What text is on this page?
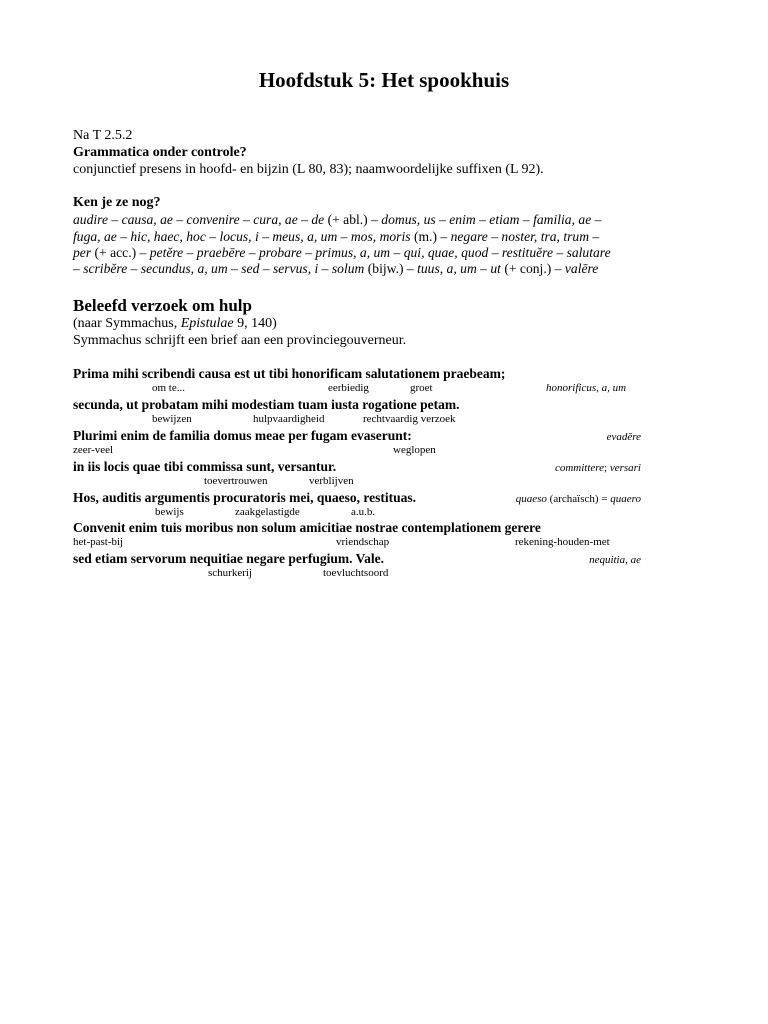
Hoofdstuk 5: Het spookhuis
Na T 2.5.2
Grammatica onder controle?
conjunctief presens in hoofd- en bijzin (L 80, 83); naamwoordelijke suffixen (L 92).
Ken je ze nog?
audire – causa, ae – convenire – cura, ae – de (+ abl.) – domus, us – enim – etiam – familia, ae –
fuga, ae – hic, haec, hoc – locus, i – meus, a, um – mos, moris (m.) – negare – noster, tra, trum –
per (+ acc.) – petĕre – praebēre – probare – primus, a, um – qui, quae, quod – restituĕre – salutare
– scribĕre – secundus, a, um – sed – servus, i – solum (bijw.) – tuus, a, um – ut (+ conj.) – valēre
Beleefd verzoek om hulp
(naar Symmachus, Epistulae 9, 140)
Symmachus schrijft een brief aan een provinciegouverneur.
Prima mihi scribendi causa est ut tibi honorificam salutationem praebeam;
om te...	eerbiedig	groet	honorificus, a, um
secunda, ut probatam mihi modestiam tuam iusta rogatione petam.
bewijzen	hulpvaardigheid	rechtvaardig verzoek
Plurimi enim de familia domus meae per fugam evaserunt:	evadĕre
zeer-veel	weglopen
in iis locis quae tibi commissa sunt, versantur.	committere; versari
toevertrouwen	verblijven
Hos, auditis argumentis procuratoris mei, quaeso, restituas.	quaeso (archaïsch) = quaero
bewijs	zaakgelastigde	a.u.b.
Convenit enim tuis moribus non solum amicitiae nostrae contemplationem gerere
het-past-bij	vriendschap	rekening-houden-met
sed etiam servorum nequitiae negare perfugium. Vale.	nequitia, ae
schurkerij	toevluchtsoord
